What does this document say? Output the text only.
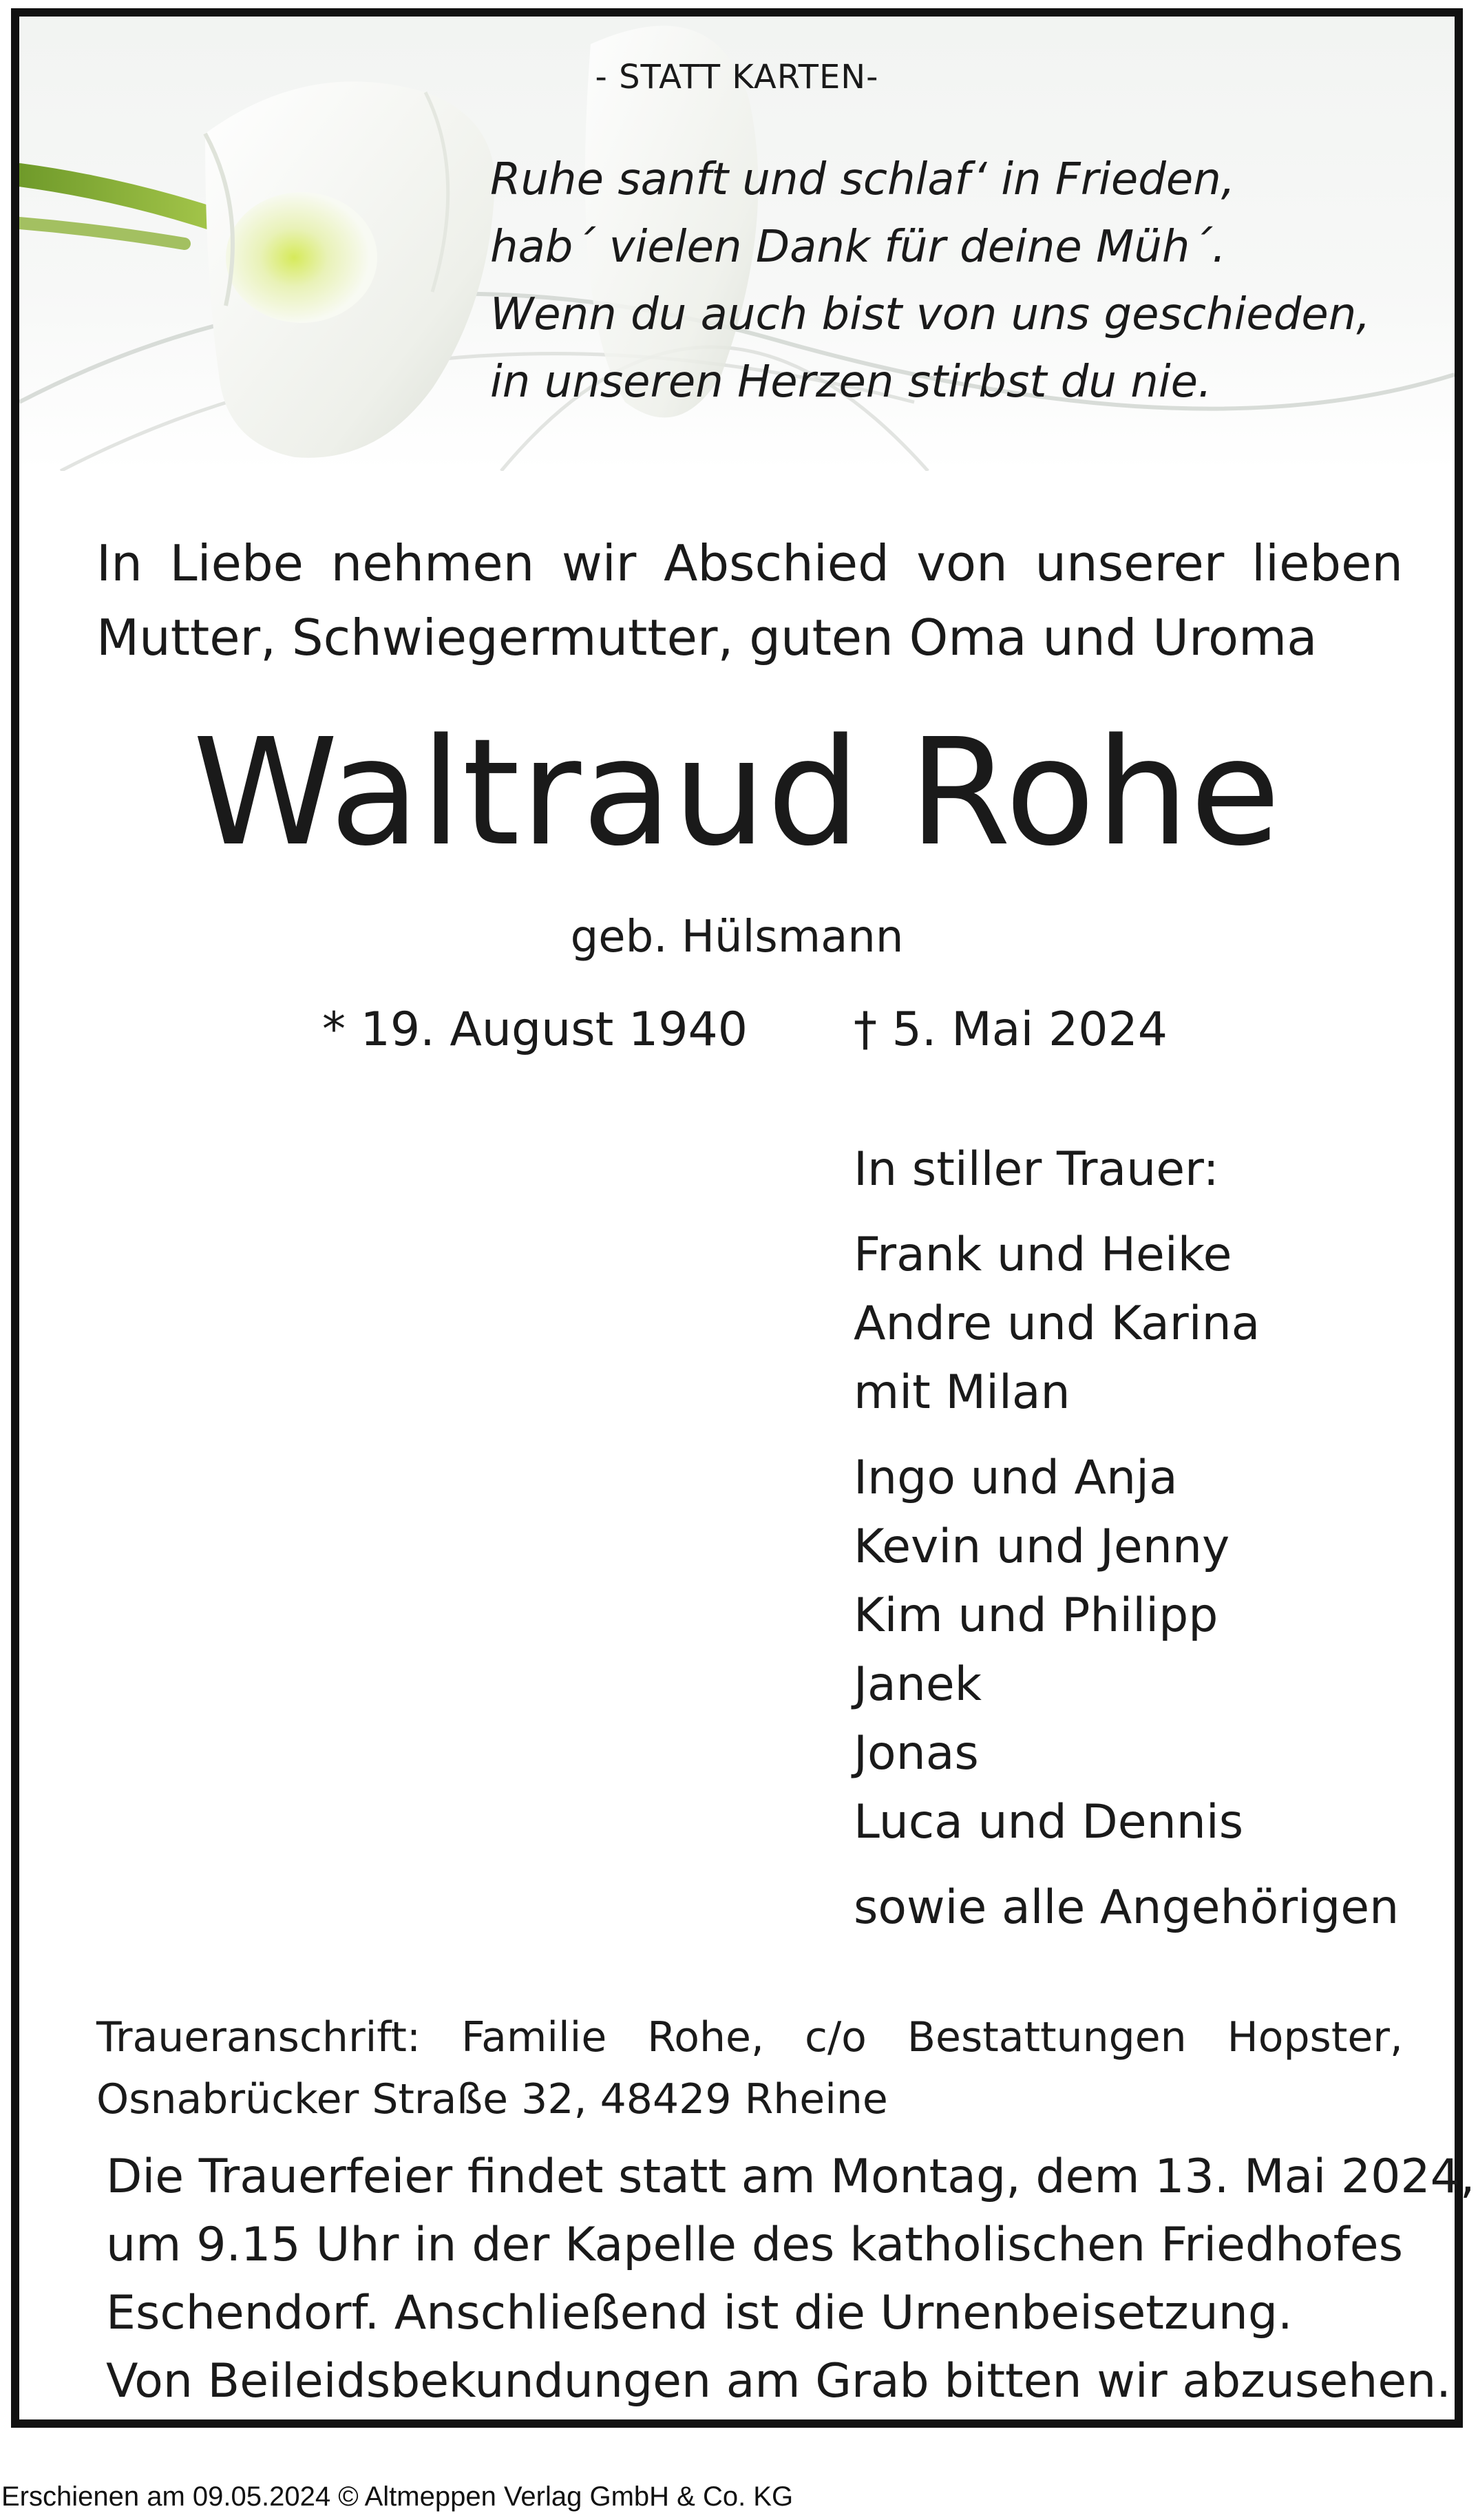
- STATT KARTEN-
Ruhe sanft und schlaf‘ in Frieden,
hab´ vielen Dank für deine Müh´.
Wenn du auch bist von uns geschieden,
in unseren Herzen stirbst du nie.
In Liebe nehmen wir Abschied von unserer lieben
Mutter, Schwiegermutter, guten Oma und Uroma
Waltraud Rohe
geb. Hülsmann
* 19. August 1940 † 5. Mai 2024
In stiller Trauer:
Frank und Heike
Andre und Karina
mit Milan
Ingo und Anja
Kevin und Jenny
Kim und Philipp
Janek
Jonas
Luca und Dennis
sowie alle Angehörigen
Traueranschrift: Familie Rohe, c/o Bestattungen Hopster,
Osnabrücker Straße 32, 48429 Rheine
Die Trauerfeier findet statt am Montag, dem 13. Mai 2024,
um 9.15 Uhr in der Kapelle des katholischen Friedhofes
Eschendorf. Anschließend ist die Urnenbeisetzung.
Von Beileidsbekundungen am Grab bitten wir abzusehen.
Erschienen am 09.05.2024 © Altmeppen Verlag GmbH & Co. KG
